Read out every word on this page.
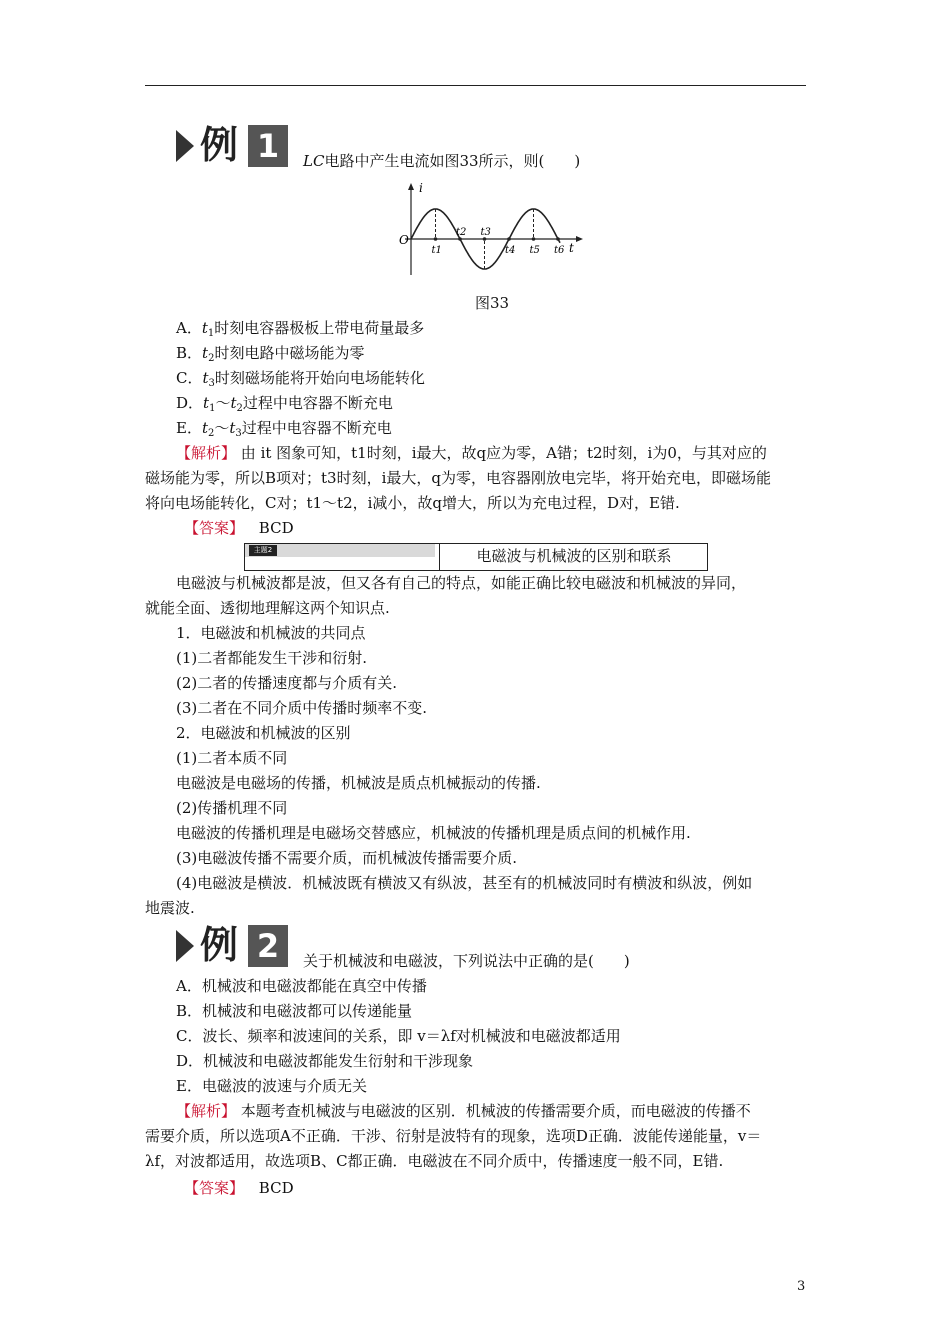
例 1	LC电路中产生电流如图33所示，则(　　)
i
t
O
t1
t2 t3
t4 t5 t6
图33
A．$t_1$时刻电容器极板上带电荷量最多
B．$t_2$时刻电路中磁场能为零
C．$t_3$时刻磁场能将开始向电场能转化
D．$t_1\sim t_2$过程中电容器不断充电
E．$t_2\sim t_3$过程中电容器不断充电
【解析】 由 it 图象可知，t1时刻，i最大，故q应为零，A错；t2时刻，i为0，与其对应的
磁场能为零，所以B项对；t3时刻，i最大，q为零，电容器刚放电完毕，将开始充电，即磁场能
将向电场能转化，C对；t1～t2，i减小，故q增大，所以为充电过程，D对，E错.
【答案】 BCD
主题2	电磁波与机械波的区别和联系
电磁波与机械波都是波，但又各有自己的特点，如能正确比较电磁波和机械波的异同，
就能全面、透彻地理解这两个知识点.
1．电磁波和机械波的共同点
(1)二者都能发生干涉和衍射.
(2)二者的传播速度都与介质有关.
(3)二者在不同介质中传播时频率不变.
2．电磁波和机械波的区别
(1)二者本质不同
电磁波是电磁场的传播，机械波是质点机械振动的传播.
(2)传播机理不同
电磁波的传播机理是电磁场交替感应，机械波的传播机理是质点间的机械作用.
(3)电磁波传播不需要介质，而机械波传播需要介质.
(4)电磁波是横波．机械波既有横波又有纵波，甚至有的机械波同时有横波和纵波，例如
地震波.
例 2	关于机械波和电磁波，下列说法中正确的是(　　)
A．机械波和电磁波都能在真空中传播
B．机械波和电磁波都可以传递能量
C．波长、频率和波速间的关系，即 v＝λf对机械波和电磁波都适用
D．机械波和电磁波都能发生衍射和干涉现象
E．电磁波的波速与介质无关
【解析】 本题考查机械波与电磁波的区别．机械波的传播需要介质，而电磁波的传播不
需要介质，所以选项A不正确．干涉、衍射是波特有的现象，选项D正确．波能传递能量，v＝
λf，对波都适用，故选项B、C都正确．电磁波在不同介质中，传播速度一般不同，E错.
【答案】 BCD
3
